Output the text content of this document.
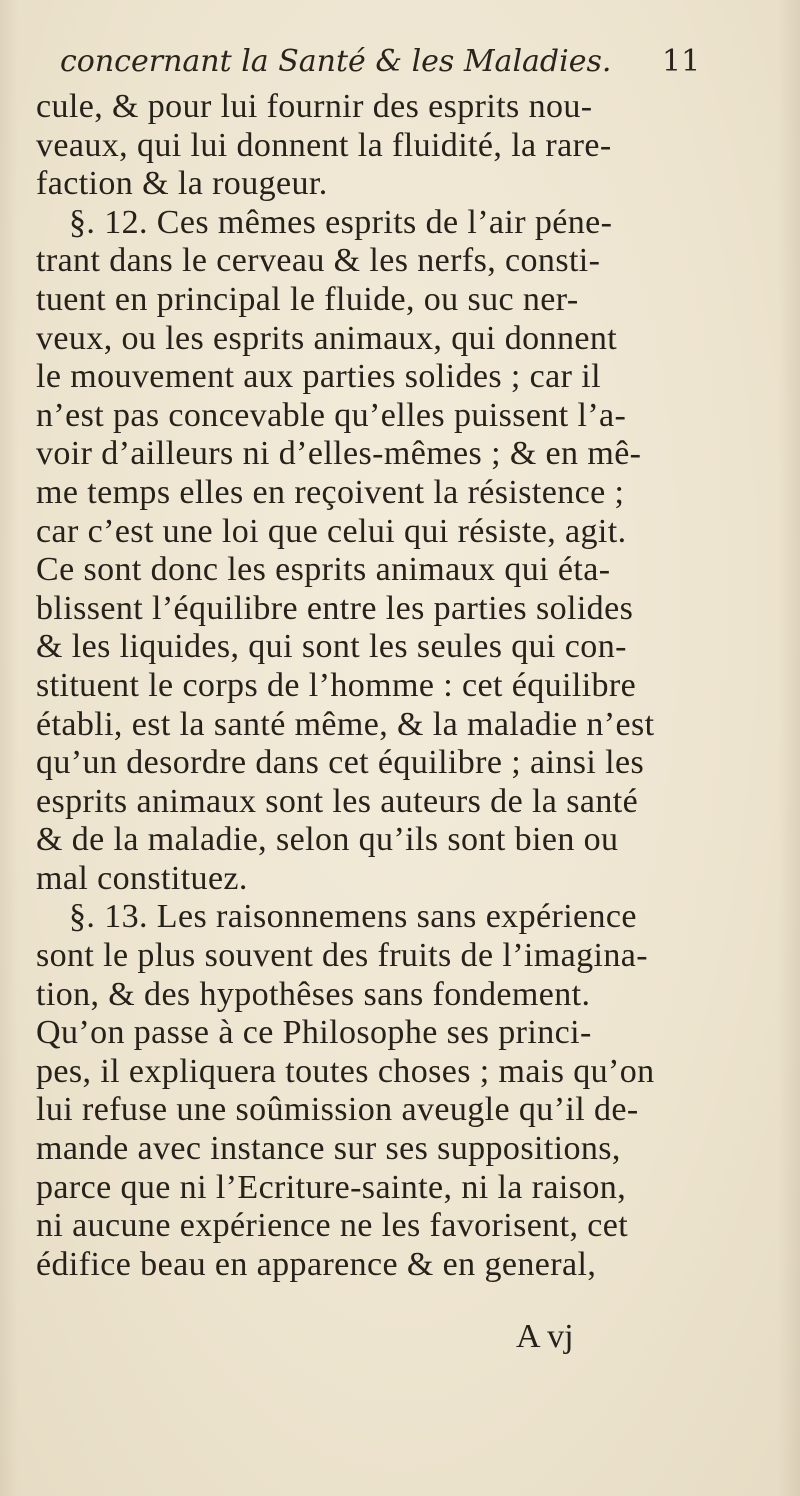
concernant la Santé & les Maladies. 11
cule, & pour lui fournir des esprits nou-
veaux, qui lui donnent la fluidité, la rare-
faction & la rougeur.
§. 12. Ces mêmes esprits de l’air péne-
trant dans le cerveau & les nerfs, consti-
tuent en principal le fluide, ou suc ner-
veux, ou les esprits animaux, qui donnent
le mouvement aux parties solides ; car il
n’est pas concevable qu’elles puissent l’a-
voir d’ailleurs ni d’elles-mêmes ; & en mê-
me temps elles en reçoivent la résistence ;
car c’est une loi que celui qui résiste, agit.
Ce sont donc les esprits animaux qui éta-
blissent l’équilibre entre les parties solides
& les liquides, qui sont les seules qui con-
stituent le corps de l’homme : cet équilibre
établi, est la santé même, & la maladie n’est
qu’un desordre dans cet équilibre ; ainsi les
esprits animaux sont les auteurs de la santé
& de la maladie, selon qu’ils sont bien ou
mal constituez.
§. 13. Les raisonnemens sans expérience
sont le plus souvent des fruits de l’imagina-
tion, & des hypothêses sans fondement.
Qu’on passe à ce Philosophe ses princi-
pes, il expliquera toutes choses ; mais qu’on
lui refuse une soûmission aveugle qu’il de-
mande avec instance sur ses suppositions,
parce que ni l’Ecriture-sainte, ni la raison,
ni aucune expérience ne les favorisent, cet
édifice beau en apparence & en general,
A vj
